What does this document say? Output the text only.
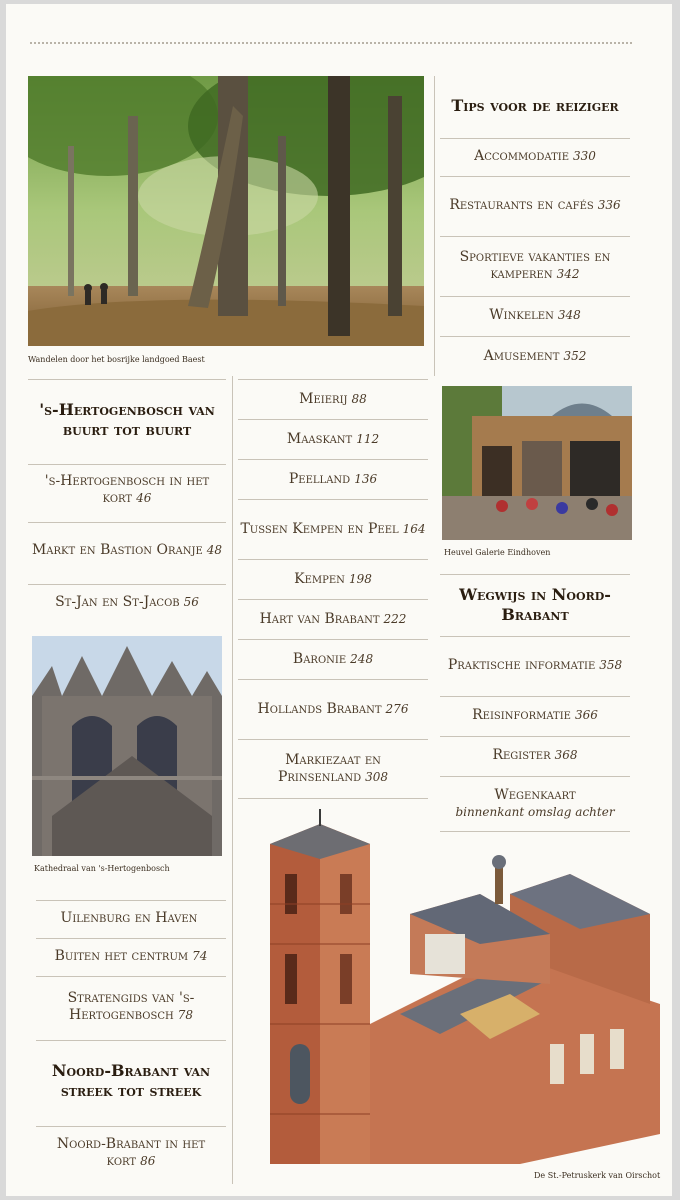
Wandelen door het bosrijke landgoed Baest
's-Hertogenbosch van buurt tot buurt
's-Hertogenbosch in het kort 46
Markt en Bastion Oranje 48
St-Jan en St-Jacob 56
Kathedraal van 's-Hertogenbosch
Uilenburg en Haven
Buiten het centrum 74
Stratengids van 's-Hertogenbosch 78
Noord-Brabant van streek tot streek
Noord-Brabant in het kort 86
Meierij 88
Maaskant 112
Peelland 136
Tussen Kempen en Peel 164
Kempen 198
Hart van Brabant 222
Baronie 248
Hollands Brabant 276
Markiezaat en Prinsenland 308
Tips voor de reiziger
Accommodatie 330
Restaurants en cafés 336
Sportieve vakanties en kamperen 342
Winkelen 348
Amusement 352
Heuvel Galerie Eindhoven
Wegwijs in Noord-Brabant
Praktische informatie 358
Reisinformatie 366
Register 368
Wegenkaart
binnenkant omslag achter
De St.-Petruskerk van Oirschot
